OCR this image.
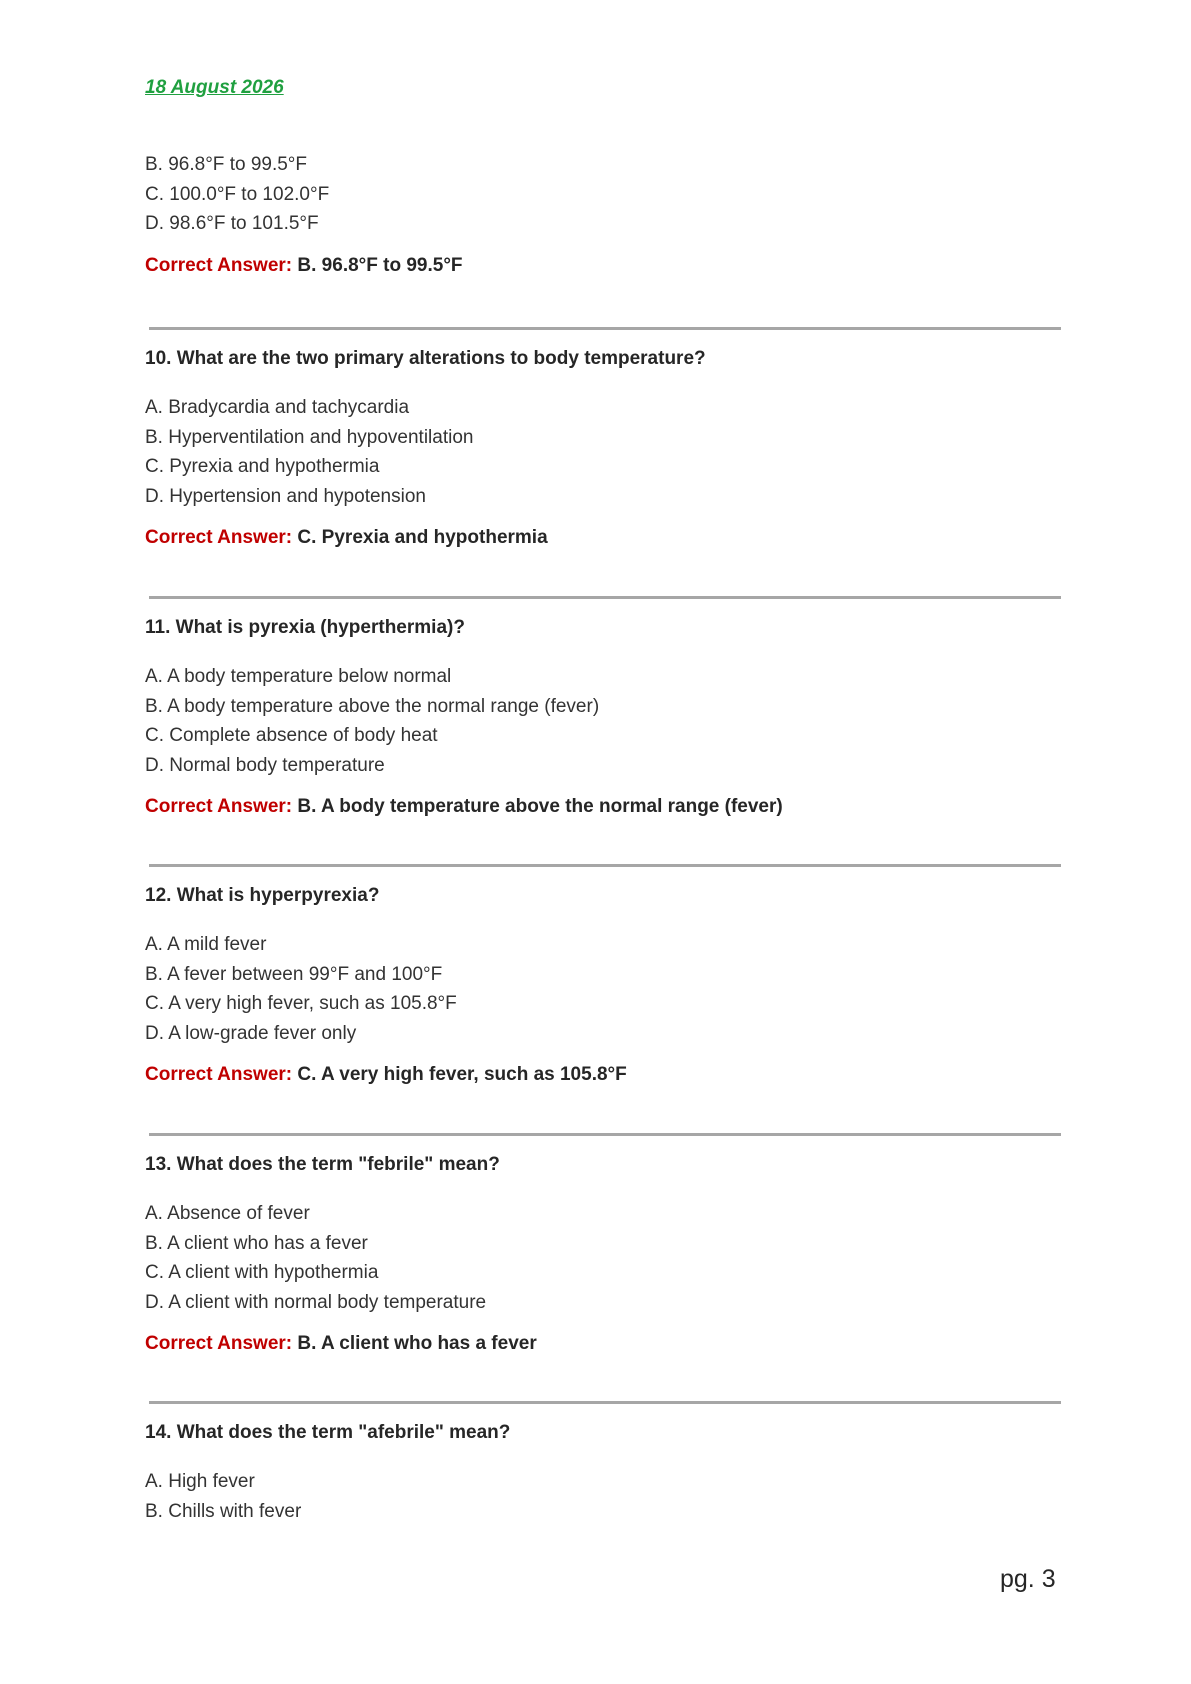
18 August 2026
B. 96.8°F to 99.5°F
C. 100.0°F to 102.0°F
D. 98.6°F to 101.5°F
Correct Answer: B. 96.8°F to 99.5°F
10. What are the two primary alterations to body temperature?
A. Bradycardia and tachycardia
B. Hyperventilation and hypoventilation
C. Pyrexia and hypothermia
D. Hypertension and hypotension
Correct Answer: C. Pyrexia and hypothermia
11. What is pyrexia (hyperthermia)?
A. A body temperature below normal
B. A body temperature above the normal range (fever)
C. Complete absence of body heat
D. Normal body temperature
Correct Answer: B. A body temperature above the normal range (fever)
12. What is hyperpyrexia?
A. A mild fever
B. A fever between 99°F and 100°F
C. A very high fever, such as 105.8°F
D. A low-grade fever only
Correct Answer: C. A very high fever, such as 105.8°F
13. What does the term "febrile" mean?
A. Absence of fever
B. A client who has a fever
C. A client with hypothermia
D. A client with normal body temperature
Correct Answer: B. A client who has a fever
14. What does the term "afebrile" mean?
A. High fever
B. Chills with fever
pg. 3
